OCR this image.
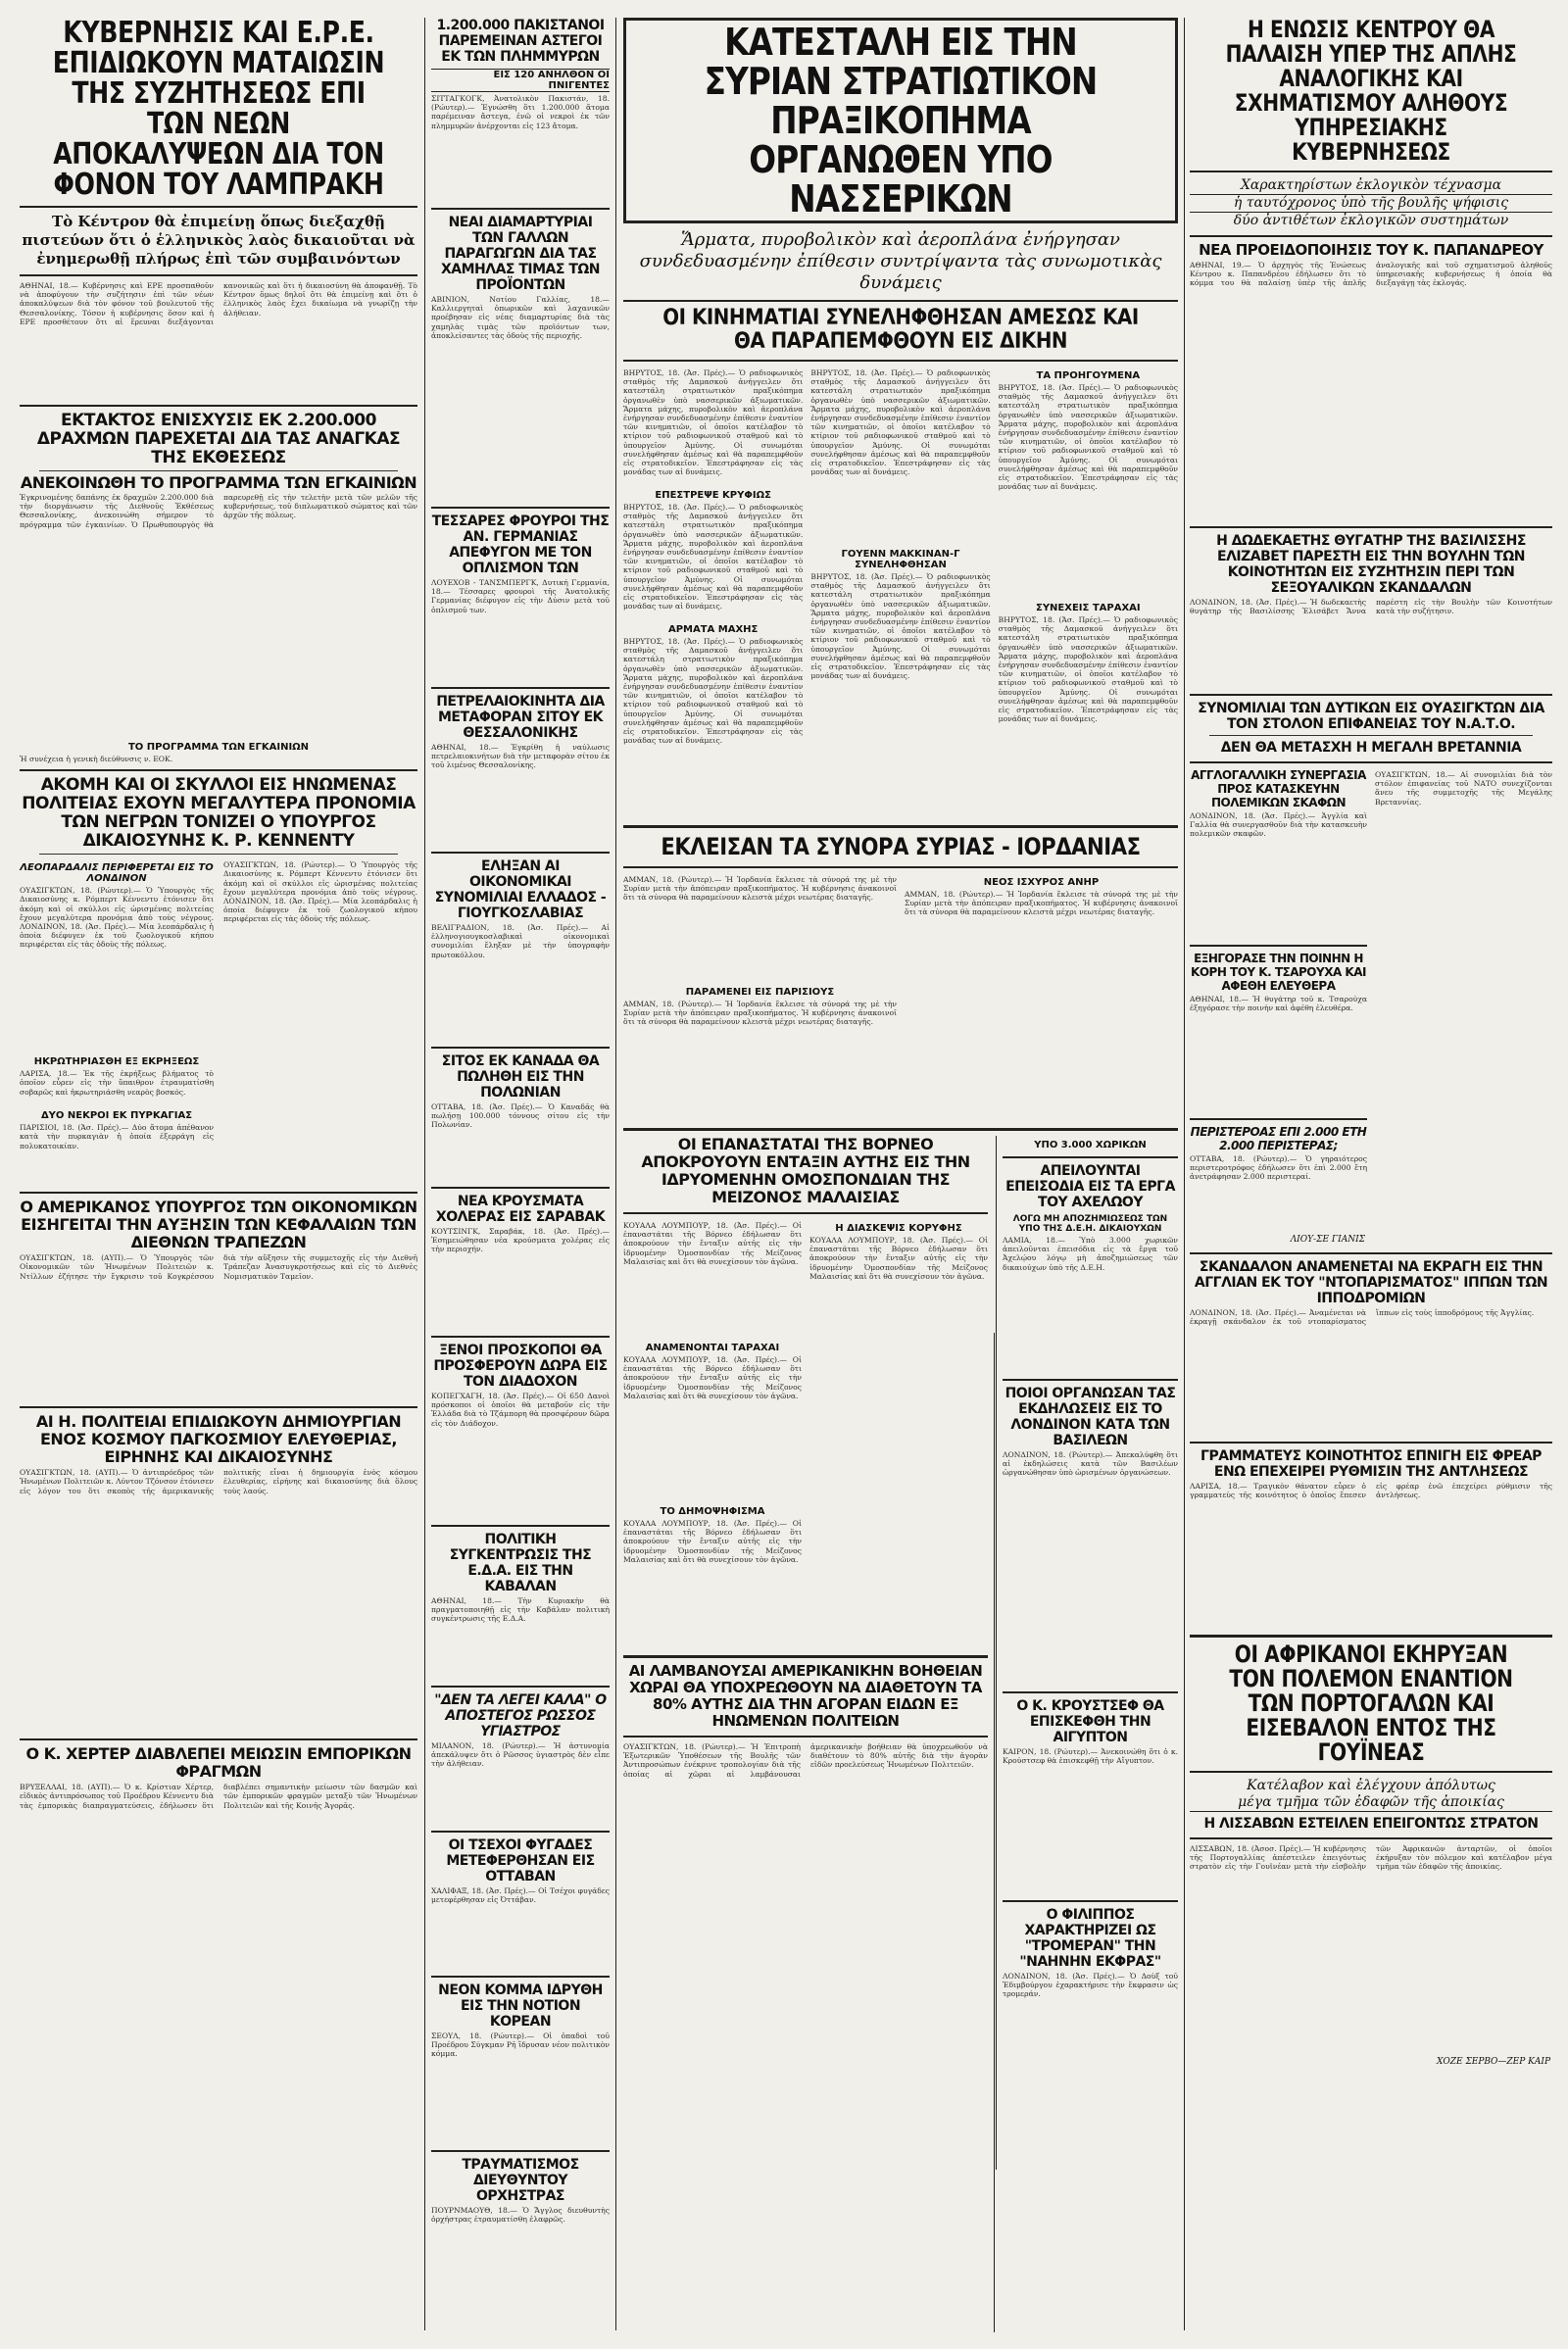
ΚΥΒΕΡΝΗΣΙΣ ΚΑΙ Ε.Ρ.Ε. ΕΠΙΔΙΩΚΟΥΝ ΜΑΤΑΙΩΣΙΝ ΤΗΣ ΣΥΖΗΤΗΣΕΩΣ ΕΠΙ ΤΩΝ ΝΕΩΝ ΑΠΟΚΑΛΥΨΕΩΝ ΔΙΑ ΤΟΝ ΦΟΝΟΝ ΤΟΥ ΛΑΜΠΡΑΚΗ
Τὸ Κέντρον θὰ ἐπιμείνῃ ὅπως διεξαχθῇ πιστεύων ὅτι ὁ ἑλληνικὸς λαὸς δικαιοῦται νὰ ἐνημερωθῇ πλήρως ἐπὶ τῶν συμβαινόντων
ΑΘΗΝΑΙ, 18.— Κυβέρνησις καὶ ΕΡΕ προσπαθοῦν νὰ ἀποφύγουν τὴν συζήτησιν ἐπὶ τῶν νέων ἀποκαλύψεων διὰ τὸν φόνον τοῦ βουλευτοῦ τῆς Θεσσαλονίκης. Τόσον ἡ κυβέρνησις ὅσον καὶ ἡ ΕΡΕ προσθέτουν ὅτι αἱ ἔρευναι διεξάγονται κανονικῶς καὶ ὅτι ἡ δικαιοσύνη θὰ ἀποφανθῇ. Τὸ Κέντρον ὅμως δηλοῖ ὅτι θὰ ἐπιμείνῃ καὶ ὅτι ὁ ἑλληνικὸς λαὸς ἔχει δικαίωμα νὰ γνωρίζῃ τὴν ἀλήθειαν.
ΕΚΤΑΚΤΟΣ ΕΝΙΣΧΥΣΙΣ ΕΚ 2.200.000 ΔΡΑΧΜΩΝ ΠΑΡΕΧΕΤΑΙ ΔΙΑ ΤΑΣ ΑΝΑΓΚΑΣ ΤΗΣ ΕΚΘΕΣΕΩΣ
ΑΝΕΚΟΙΝΩΘΗ ΤΟ ΠΡΟΓΡΑΜΜΑ ΤΩΝ ΕΓΚΑΙΝΙΩΝ
Ἐγκρινομένης δαπάνης ἐκ δραχμῶν 2.200.000 διὰ τὴν διοργάνωσιν τῆς Διεθνοῦς Ἐκθέσεως Θεσσαλονίκης, ἀνεκοινώθη σήμερον τὸ πρόγραμμα τῶν ἐγκαινίων. Ὁ Πρωθυπουργὸς θὰ παρευρεθῇ εἰς τὴν τελετὴν μετὰ τῶν μελῶν τῆς κυβερνήσεως, τοῦ διπλωματικοῦ σώματος καὶ τῶν ἀρχῶν τῆς πόλεως.
ΤΟ ΠΡΟΓΡΑΜΜΑ ΤΩΝ ΕΓΚΑΙΝΙΩΝ
Ἡ συνέχεια ἡ γενικὴ διεύθυνσις ν. ΕΟΚ.
ΑΚΟΜΗ ΚΑΙ ΟΙ ΣΚΥΛΛΟΙ ΕΙΣ ΗΝΩΜΕΝΑΣ ΠΟΛΙΤΕΙΑΣ ΕΧΟΥΝ ΜΕΓΑΛΥΤΕΡΑ ΠΡΟΝΟΜΙΑ ΤΩΝ ΝΕΓΡΩΝ ΤΟΝΙΖΕΙ Ο ΥΠΟΥΡΓΟΣ ΔΙΚΑΙΟΣΥΝΗΣ Κ. Ρ. ΚΕΝΝΕΝΤΥ
ΛΕΟΠΑΡΔΑΛΙΣ ΠΕΡΙΦΕΡΕΤΑΙ ΕΙΣ ΤΟ ΛΟΝΔΙΝΟΝ
ΟΥΑΣΙΓΚΤΩΝ, 18. (Ρώυτερ).— Ὁ Ὑπουργὸς τῆς Δικαιοσύνης κ. Ρόμπερτ Κέννεντυ ἐτόνισεν ὅτι ἀκόμη καὶ οἱ σκύλλοι εἰς ὡρισμένας πολιτείας ἔχουν μεγαλύτερα προνόμια ἀπὸ τοὺς νέγρους. ΛΟΝΔΙΝΟΝ, 18. (Ἀσ. Πρές).— Μία λεοπάρδαλις ἡ ὁποία διέφυγεν ἐκ τοῦ ζωολογικοῦ κήπου περιφέρεται εἰς τὰς ὁδοὺς τῆς πόλεως.
ΗΚΡΩΤΗΡΙΑΣΘΗ ΕΞ ΕΚΡΗΞΕΩΣ
ΛΑΡΙΣΑ, 18.— Ἐκ τῆς ἐκρήξεως βλήματος τὸ ὁποῖον εὗρεν εἰς τὴν ὕπαιθρον ἐτραυματίσθη σοβαρῶς καὶ ἠκρωτηριάσθη νεαρὸς βοσκός.
ΔΥΟ ΝΕΚΡΟΙ ΕΚ ΠΥΡΚΑΓΙΑΣ
ΠΑΡΙΣΙΟΙ, 18. (Ἀσ. Πρές).— Δύο ἄτομα ἀπέθανον κατὰ τὴν πυρκαγιὰν ἡ ὁποία ἐξερράγη εἰς πολυκατοικίαν.
ΟΥΑΣΙΓΚΤΩΝ, 18. (Ρώυτερ).— Ὁ Ὑπουργὸς τῆς Δικαιοσύνης κ. Ρόμπερτ Κέννεντυ ἐτόνισεν ὅτι ἀκόμη καὶ οἱ σκύλλοι εἰς ὡρισμένας πολιτείας ἔχουν μεγαλύτερα προνόμια ἀπὸ τοὺς νέγρους. ΛΟΝΔΙΝΟΝ, 18. (Ἀσ. Πρές).— Μία λεοπάρδαλις ἡ ὁποία διέφυγεν ἐκ τοῦ ζωολογικοῦ κήπου περιφέρεται εἰς τὰς ὁδοὺς τῆς πόλεως.
Ο ΑΜΕΡΙΚΑΝΟΣ ΥΠΟΥΡΓΟΣ ΤΩΝ ΟΙΚΟΝΟΜΙΚΩΝ ΕΙΣΗΓΕΙΤΑΙ ΤΗΝ ΑΥΞΗΣΙΝ ΤΩΝ ΚΕΦΑΛΑΙΩΝ ΤΩΝ ΔΙΕΘΝΩΝ ΤΡΑΠΕΖΩΝ
ΟΥΑΣΙΓΚΤΩΝ, 18. (ΑΥΠ).— Ὁ Ὑπουργὸς τῶν Οἰκονομικῶν τῶν Ἡνωμένων Πολιτειῶν κ. Ντίλλων ἐζήτησε τὴν ἔγκρισιν τοῦ Κογκρέσσου διὰ τὴν αὔξησιν τῆς συμμετοχῆς εἰς τὴν Διεθνῆ Τράπεζαν Ἀνασυγκροτήσεως καὶ εἰς τὸ Διεθνὲς Νομισματικὸν Ταμεῖον.
ΑΙ Η. ΠΟΛΙΤΕΙΑΙ ΕΠΙΔΙΩΚΟΥΝ ΔΗΜΙΟΥΡΓΙΑΝ ΕΝΟΣ ΚΟΣΜΟΥ ΠΑΓΚΟΣΜΙΟΥ ΕΛΕΥΘΕΡΙΑΣ, ΕΙΡΗΝΗΣ ΚΑΙ ΔΙΚΑΙΟΣΥΝΗΣ
ΟΥΑΣΙΓΚΤΩΝ, 18. (ΑΥΠ).— Ὁ ἀντιπρόεδρος τῶν Ἡνωμένων Πολιτειῶν κ. Λύντον Τζόνσον ἐτόνισεν εἰς λόγον του ὅτι σκοπὸς τῆς ἀμερικανικῆς πολιτικῆς εἶναι ἡ δημιουργία ἑνὸς κόσμου ἐλευθερίας, εἰρήνης καὶ δικαιοσύνης διὰ ὅλους τοὺς λαούς.
Ο Κ. ΧΕΡΤΕΡ ΔΙΑΒΛΕΠΕΙ ΜΕΙΩΣΙΝ ΕΜΠΟΡΙΚΩΝ ΦΡΑΓΜΩΝ
ΒΡΥΞΕΛΛΑΙ, 18. (ΑΥΠ).— Ὁ κ. Κρίστιαν Χέρτερ, εἰδικὸς ἀντιπρόσωπος τοῦ Προέδρου Κέννεντυ διὰ τὰς ἐμπορικὰς διαπραγματεύσεις, ἐδήλωσεν ὅτι διαβλέπει σημαντικὴν μείωσιν τῶν δασμῶν καὶ τῶν ἐμπορικῶν φραγμῶν μεταξὺ τῶν Ἡνωμένων Πολιτειῶν καὶ τῆς Κοινῆς Ἀγορᾶς.
1.200.000 ΠΑΚΙΣΤΑΝΟΙ ΠΑΡΕΜΕΙΝΑΝ ΑΣΤΕΓΟΙ ΕΚ ΤΩΝ ΠΛΗΜΜΥΡΩΝ
ΕΙΣ 120 ΑΝΗΛΘΟΝ ΟΙ ΠΝΙΓΕΝΤΕΣ
ΣΙΤΤΑΓΚΟΓΚ, Ἀνατολικὸν Πακιστάν, 18. (Ρώυτερ).— Ἐγνώσθη ὅτι 1.200.000 ἄτομα παρέμειναν ἄστεγα, ἐνῶ οἱ νεκροὶ ἐκ τῶν πλημμυρῶν ἀνέρχονται εἰς 123 ἄτομα.
ΝΕΑΙ ΔΙΑΜΑΡΤΥΡΙΑΙ ΤΩΝ ΓΑΛΛΩΝ ΠΑΡΑΓΩΓΩΝ ΔΙΑ ΤΑΣ ΧΑΜΗΛΑΣ ΤΙΜΑΣ ΤΩΝ ΠΡΟΪΟΝΤΩΝ
ΑΒΙΝΙΟΝ, Νοτίου Γαλλίας, 18.— Καλλιεργηταὶ ὀπωρικῶν καὶ λαχανικῶν προέβησαν εἰς νέας διαμαρτυρίας διὰ τὰς χαμηλὰς τιμὰς τῶν προϊόντων των, ἀποκλείσαντες τὰς ὁδοὺς τῆς περιοχῆς.
ΤΕΣΣΑΡΕΣ ΦΡΟΥΡΟΙ ΤΗΣ ΑΝ. ΓΕΡΜΑΝΙΑΣ ΑΠΕΦΥΓΟΝ ΜΕ ΤΟΝ ΟΠΛΙΣΜΟΝ ΤΩΝ
ΛΟΥΕΧΟΒ - ΤΑΝΣΜΠΕΡΓΚ, Δυτική Γερμανία, 18.— Τέσσαρες φρουροὶ τῆς Ἀνατολικῆς Γερμανίας διέφυγον εἰς τὴν Δύσιν μετὰ τοῦ ὁπλισμοῦ των.
ΠΕΤΡΕΛΑΙΟΚΙΝΗΤΑ ΔΙΑ ΜΕΤΑΦΟΡΑΝ ΣΙΤΟΥ ΕΚ ΘΕΣΣΑΛΟΝΙΚΗΣ
ΑΘΗΝΑΙ, 18.— Ἐγκρίθη ἡ ναύλωσις πετρελαιοκινήτων διὰ τὴν μεταφορὰν σίτου ἐκ τοῦ λιμένος Θεσσαλονίκης.
ΕΛΗΞΑΝ ΑΙ ΟΙΚΟΝΟΜΙΚΑΙ ΣΥΝΟΜΙΛΙΑΙ ΕΛΛΑΔΟΣ - ΓΙΟΥΓΚΟΣΛΑΒΙΑΣ
ΒΕΛΙΓΡΑΔΙΟΝ, 18. (Ἀσ. Πρές).— Αἱ ἑλληνογιουγκοσλαβικαὶ οἰκονομικαὶ συνομιλίαι ἔληξαν μὲ τὴν ὑπογραφὴν πρωτοκόλλου.
ΣΙΤΟΣ ΕΚ ΚΑΝΑΔΑ ΘΑ ΠΩΛΗΘΗ ΕΙΣ ΤΗΝ ΠΟΛΩΝΙΑΝ
ΟΤΤΑΒΑ, 18. (Ἀσ. Πρές).— Ὁ Καναδᾶς θὰ πωλήσῃ 100.000 τόννους σίτου εἰς τὴν Πολωνίαν.
ΝΕΑ ΚΡΟΥΣΜΑΤΑ ΧΟΛΕΡΑΣ ΕΙΣ ΣΑΡΑΒΑΚ
ΚΟΥΤΣΙΝΓΚ, Σαραβάκ, 18. (Ἀσ. Πρές).— Ἐσημειώθησαν νέα κρούσματα χολέρας εἰς τὴν περιοχήν.
ΞΕΝΟΙ ΠΡΟΣΚΟΠΟΙ ΘΑ ΠΡΟΣΦΕΡΟΥΝ ΔΩΡΑ ΕΙΣ ΤΟΝ ΔΙΑΔΟΧΟΝ
ΚΟΠΕΓΧΑΓΗ, 18. (Ἀσ. Πρές).— Οἱ 650 Δανοὶ πρόσκοποι οἱ ὁποῖοι θὰ μεταβοῦν εἰς τὴν Ἑλλάδα διὰ τὸ Τζάμπορη θὰ προσφέρουν δῶρα εἰς τὸν Διάδοχον.
ΠΟΛΙΤΙΚΗ ΣΥΓΚΕΝΤΡΩΣΙΣ ΤΗΣ Ε.Δ.Α. ΕΙΣ ΤΗΝ ΚΑΒΑΛΑΝ
ΑΘΗΝΑΙ, 18.— Τὴν Κυριακὴν θὰ πραγματοποιηθῇ εἰς τὴν Καβάλαν πολιτικὴ συγκέντρωσις τῆς Ε.Δ.Α.
"ΔΕΝ ΤΑ ΛΕΓΕΙ ΚΑΛΑ" Ο ΑΠΟΣΤΕΓΟΣ ΡΩΣΣΟΣ ΥΓΙΑΣΤΡΟΣ
ΜΙΛΑΝΟΝ, 18. (Ρώυτερ).— Ἡ ἀστυνομία ἀπεκάλυψεν ὅτι ὁ Ρῶσσος ὑγιαστρὸς δὲν εἶπε τὴν ἀλήθειαν.
ΟΙ ΤΣΕΧΟΙ ΦΥΓΑΔΕΣ ΜΕΤΕΦΕΡΘΗΣΑΝ ΕΙΣ ΟΤΤΑΒΑΝ
ΧΑΛΙΦΑΞ, 18. (Ἀσ. Πρές).— Οἱ Τσέχοι φυγάδες μετεφέρθησαν εἰς Ὀττάβαν.
ΝΕΟΝ ΚΟΜΜΑ ΙΔΡΥΘΗ ΕΙΣ ΤΗΝ ΝΟΤΙΟΝ ΚΟΡΕΑΝ
ΣΕΟΥΛ, 18. (Ρώυτερ).— Οἱ ὀπαδοὶ τοῦ Προέδρου Σύγκμαν Ρῆ ἵδρυσαν νέον πολιτικὸν κόμμα.
ΤΡΑΥΜΑΤΙΣΜΟΣ ΔΙΕΥΘΥΝΤΟΥ ΟΡΧΗΣΤΡΑΣ
ΠΟΥΡΝΜΑΟΥΘ, 18.— Ὁ Ἄγγλος διευθυντὴς ὀρχήστρας ἐτραυματίσθη ἐλαφρῶς.
ΚΑΤΕΣΤΑΛΗ ΕΙΣ ΤΗΝ ΣΥΡΙΑΝ ΣΤΡΑΤΙΩΤΙΚΟΝ ΠΡΑΞΙΚΟΠΗΜΑ ΟΡΓΑΝΩΘΕΝ ΥΠΟ ΝΑΣΣΕΡΙΚΩΝ
Ἅρματα, πυροβολικὸν καὶ ἀεροπλάνα ἐνήργησαν συνδεδυασμένην ἐπίθεσιν συντρίψαντα τὰς συνωμοτικὰς δυνάμεις
ΟΙ ΚΙΝΗΜΑΤΙΑΙ ΣΥΝΕΛΗΦΘΗΣΑΝ ΑΜΕΣΩΣ ΚΑΙ ΘΑ ΠΑΡΑΠΕΜΦΘΟΥΝ ΕΙΣ ΔΙΚΗΝ
ΒΗΡΥΤΟΣ, 18. (Ἀσ. Πρές).— Ὁ ραδιοφωνικὸς σταθμὸς τῆς Δαμασκοῦ ἀνήγγειλεν ὅτι κατεστάλη στρατιωτικὸν πραξικόπημα ὀργανωθὲν ὑπὸ νασσερικῶν ἀξιωματικῶν. Ἅρματα μάχης, πυροβολικὸν καὶ ἀεροπλάνα ἐνήργησαν συνδεδυασμένην ἐπίθεσιν ἐναντίον τῶν κινηματιῶν, οἱ ὁποῖοι κατέλαβον τὸ κτίριον τοῦ ραδιοφωνικοῦ σταθμοῦ καὶ τὸ ὑπουργεῖον Ἀμύνης. Οἱ συνωμόται συνελήφθησαν ἀμέσως καὶ θὰ παραπεμφθοῦν εἰς στρατοδικεῖον. Ἐπεστράφησαν εἰς τὰς μονάδας των αἱ δυνάμεις.
ΕΠΕΣΤΡΕΨΕ ΚΡΥΦΙΩΣ
ΒΗΡΥΤΟΣ, 18. (Ἀσ. Πρές).— Ὁ ραδιοφωνικὸς σταθμὸς τῆς Δαμασκοῦ ἀνήγγειλεν ὅτι κατεστάλη στρατιωτικὸν πραξικόπημα ὀργανωθὲν ὑπὸ νασσερικῶν ἀξιωματικῶν. Ἅρματα μάχης, πυροβολικὸν καὶ ἀεροπλάνα ἐνήργησαν συνδεδυασμένην ἐπίθεσιν ἐναντίον τῶν κινηματιῶν, οἱ ὁποῖοι κατέλαβον τὸ κτίριον τοῦ ραδιοφωνικοῦ σταθμοῦ καὶ τὸ ὑπουργεῖον Ἀμύνης. Οἱ συνωμόται συνελήφθησαν ἀμέσως καὶ θὰ παραπεμφθοῦν εἰς στρατοδικεῖον. Ἐπεστράφησαν εἰς τὰς μονάδας των αἱ δυνάμεις.
ΑΡΜΑΤΑ ΜΑΧΗΣ
ΒΗΡΥΤΟΣ, 18. (Ἀσ. Πρές).— Ὁ ραδιοφωνικὸς σταθμὸς τῆς Δαμασκοῦ ἀνήγγειλεν ὅτι κατεστάλη στρατιωτικὸν πραξικόπημα ὀργανωθὲν ὑπὸ νασσερικῶν ἀξιωματικῶν. Ἅρματα μάχης, πυροβολικὸν καὶ ἀεροπλάνα ἐνήργησαν συνδεδυασμένην ἐπίθεσιν ἐναντίον τῶν κινηματιῶν, οἱ ὁποῖοι κατέλαβον τὸ κτίριον τοῦ ραδιοφωνικοῦ σταθμοῦ καὶ τὸ ὑπουργεῖον Ἀμύνης. Οἱ συνωμόται συνελήφθησαν ἀμέσως καὶ θὰ παραπεμφθοῦν εἰς στρατοδικεῖον. Ἐπεστράφησαν εἰς τὰς μονάδας των αἱ δυνάμεις.
ΒΗΡΥΤΟΣ, 18. (Ἀσ. Πρές).— Ὁ ραδιοφωνικὸς σταθμὸς τῆς Δαμασκοῦ ἀνήγγειλεν ὅτι κατεστάλη στρατιωτικὸν πραξικόπημα ὀργανωθὲν ὑπὸ νασσερικῶν ἀξιωματικῶν. Ἅρματα μάχης, πυροβολικὸν καὶ ἀεροπλάνα ἐνήργησαν συνδεδυασμένην ἐπίθεσιν ἐναντίον τῶν κινηματιῶν, οἱ ὁποῖοι κατέλαβον τὸ κτίριον τοῦ ραδιοφωνικοῦ σταθμοῦ καὶ τὸ ὑπουργεῖον Ἀμύνης. Οἱ συνωμόται συνελήφθησαν ἀμέσως καὶ θὰ παραπεμφθοῦν εἰς στρατοδικεῖον. Ἐπεστράφησαν εἰς τὰς μονάδας των αἱ δυνάμεις.
ΓΟΥΕΝΝ ΜΑΚΚΙΝΑΝ-Γ ΣΥΝΕΛΗΦΘΗΣΑΝ
ΒΗΡΥΤΟΣ, 18. (Ἀσ. Πρές).— Ὁ ραδιοφωνικὸς σταθμὸς τῆς Δαμασκοῦ ἀνήγγειλεν ὅτι κατεστάλη στρατιωτικὸν πραξικόπημα ὀργανωθὲν ὑπὸ νασσερικῶν ἀξιωματικῶν. Ἅρματα μάχης, πυροβολικὸν καὶ ἀεροπλάνα ἐνήργησαν συνδεδυασμένην ἐπίθεσιν ἐναντίον τῶν κινηματιῶν, οἱ ὁποῖοι κατέλαβον τὸ κτίριον τοῦ ραδιοφωνικοῦ σταθμοῦ καὶ τὸ ὑπουργεῖον Ἀμύνης. Οἱ συνωμόται συνελήφθησαν ἀμέσως καὶ θὰ παραπεμφθοῦν εἰς στρατοδικεῖον. Ἐπεστράφησαν εἰς τὰς μονάδας των αἱ δυνάμεις.
ΤΑ ΠΡΟΗΓΟΥΜΕΝΑ
ΒΗΡΥΤΟΣ, 18. (Ἀσ. Πρές).— Ὁ ραδιοφωνικὸς σταθμὸς τῆς Δαμασκοῦ ἀνήγγειλεν ὅτι κατεστάλη στρατιωτικὸν πραξικόπημα ὀργανωθὲν ὑπὸ νασσερικῶν ἀξιωματικῶν. Ἅρματα μάχης, πυροβολικὸν καὶ ἀεροπλάνα ἐνήργησαν συνδεδυασμένην ἐπίθεσιν ἐναντίον τῶν κινηματιῶν, οἱ ὁποῖοι κατέλαβον τὸ κτίριον τοῦ ραδιοφωνικοῦ σταθμοῦ καὶ τὸ ὑπουργεῖον Ἀμύνης. Οἱ συνωμόται συνελήφθησαν ἀμέσως καὶ θὰ παραπεμφθοῦν εἰς στρατοδικεῖον. Ἐπεστράφησαν εἰς τὰς μονάδας των αἱ δυνάμεις.
ΣΥΝΕΧΕΙΣ ΤΑΡΑΧΑΙ
ΒΗΡΥΤΟΣ, 18. (Ἀσ. Πρές).— Ὁ ραδιοφωνικὸς σταθμὸς τῆς Δαμασκοῦ ἀνήγγειλεν ὅτι κατεστάλη στρατιωτικὸν πραξικόπημα ὀργανωθὲν ὑπὸ νασσερικῶν ἀξιωματικῶν. Ἅρματα μάχης, πυροβολικὸν καὶ ἀεροπλάνα ἐνήργησαν συνδεδυασμένην ἐπίθεσιν ἐναντίον τῶν κινηματιῶν, οἱ ὁποῖοι κατέλαβον τὸ κτίριον τοῦ ραδιοφωνικοῦ σταθμοῦ καὶ τὸ ὑπουργεῖον Ἀμύνης. Οἱ συνωμόται συνελήφθησαν ἀμέσως καὶ θὰ παραπεμφθοῦν εἰς στρατοδικεῖον. Ἐπεστράφησαν εἰς τὰς μονάδας των αἱ δυνάμεις.
ΕΚΛΕΙΣΑΝ ΤΑ ΣΥΝΟΡΑ ΣΥΡΙΑΣ - ΙΟΡΔΑΝΙΑΣ
ΑΜΜΑΝ, 18. (Ρώυτερ).— Ἡ Ἰορδανία ἔκλεισε τὰ σύνορά της μὲ τὴν Συρίαν μετὰ τὴν ἀπόπειραν πραξικοπήματος. Ἡ κυβέρνησις ἀνακοινοῖ ὅτι τὰ σύνορα θὰ παραμείνουν κλειστὰ μέχρι νεωτέρας διαταγῆς.
ΠΑΡΑΜΕΝΕΙ ΕΙΣ ΠΑΡΙΣΙΟΥΣ
ΑΜΜΑΝ, 18. (Ρώυτερ).— Ἡ Ἰορδανία ἔκλεισε τὰ σύνορά της μὲ τὴν Συρίαν μετὰ τὴν ἀπόπειραν πραξικοπήματος. Ἡ κυβέρνησις ἀνακοινοῖ ὅτι τὰ σύνορα θὰ παραμείνουν κλειστὰ μέχρι νεωτέρας διαταγῆς.
ΝΕΟΣ ΙΣΧΥΡΟΣ ΑΝΗΡ
ΑΜΜΑΝ, 18. (Ρώυτερ).— Ἡ Ἰορδανία ἔκλεισε τὰ σύνορά της μὲ τὴν Συρίαν μετὰ τὴν ἀπόπειραν πραξικοπήματος. Ἡ κυβέρνησις ἀνακοινοῖ ὅτι τὰ σύνορα θὰ παραμείνουν κλειστὰ μέχρι νεωτέρας διαταγῆς.
ΟΙ ΕΠΑΝΑΣΤΑΤΑΙ ΤΗΣ ΒΟΡΝΕΟ ΑΠΟΚΡΟΥΟΥΝ ΕΝΤΑΞΙΝ ΑΥΤΗΣ ΕΙΣ ΤΗΝ ΙΔΡΥΟΜΕΝΗΝ ΟΜΟΣΠΟΝΔΙΑΝ ΤΗΣ ΜΕΙΖΟΝΟΣ ΜΑΛΑΙΣΙΑΣ
ΚΟΥΑΛΑ ΛΟΥΜΠΟΥΡ, 18. (Ἀσ. Πρές).— Οἱ ἐπαναστάται τῆς Βόρνεο ἐδήλωσαν ὅτι ἀποκρούουν τὴν ἔνταξιν αὐτῆς εἰς τὴν ἱδρυομένην Ὁμοσπονδίαν τῆς Μείζονος Μαλαισίας καὶ ὅτι θὰ συνεχίσουν τὸν ἀγῶνα.
ΑΝΑΜΕΝΟΝΤΑΙ ΤΑΡΑΧΑΙ
ΚΟΥΑΛΑ ΛΟΥΜΠΟΥΡ, 18. (Ἀσ. Πρές).— Οἱ ἐπαναστάται τῆς Βόρνεο ἐδήλωσαν ὅτι ἀποκρούουν τὴν ἔνταξιν αὐτῆς εἰς τὴν ἱδρυομένην Ὁμοσπονδίαν τῆς Μείζονος Μαλαισίας καὶ ὅτι θὰ συνεχίσουν τὸν ἀγῶνα.
ΤΟ ΔΗΜΟΨΗΦΙΣΜΑ
ΚΟΥΑΛΑ ΛΟΥΜΠΟΥΡ, 18. (Ἀσ. Πρές).— Οἱ ἐπαναστάται τῆς Βόρνεο ἐδήλωσαν ὅτι ἀποκρούουν τὴν ἔνταξιν αὐτῆς εἰς τὴν ἱδρυομένην Ὁμοσπονδίαν τῆς Μείζονος Μαλαισίας καὶ ὅτι θὰ συνεχίσουν τὸν ἀγῶνα.
Η ΔΙΑΣΚΕΨΙΣ ΚΟΡΥΦΗΣ
ΚΟΥΑΛΑ ΛΟΥΜΠΟΥΡ, 18. (Ἀσ. Πρές).— Οἱ ἐπαναστάται τῆς Βόρνεο ἐδήλωσαν ὅτι ἀποκρούουν τὴν ἔνταξιν αὐτῆς εἰς τὴν ἱδρυομένην Ὁμοσπονδίαν τῆς Μείζονος Μαλαισίας καὶ ὅτι θὰ συνεχίσουν τὸν ἀγῶνα.
ΑΙ ΛΑΜΒΑΝΟΥΣΑΙ ΑΜΕΡΙΚΑΝΙΚΗΝ ΒΟΗΘΕΙΑΝ ΧΩΡΑΙ ΘΑ ΥΠΟΧΡΕΩΘΟΥΝ ΝΑ ΔΙΑΘΕΤΟΥΝ ΤΑ 80% ΑΥΤΗΣ ΔΙΑ ΤΗΝ ΑΓΟΡΑΝ ΕΙΔΩΝ ΕΞ ΗΝΩΜΕΝΩΝ ΠΟΛΙΤΕΙΩΝ
ΟΥΑΣΙΓΚΤΩΝ, 18. (Ρώυτερ).— Ἡ Ἐπιτροπὴ Ἐξωτερικῶν Ὑποθέσεων τῆς Βουλῆς τῶν Ἀντιπροσώπων ἐνέκρινε τροπολογίαν διὰ τῆς ὁποίας αἱ χῶραι αἱ λαμβάνουσαι ἀμερικανικὴν βοήθειαν θὰ ὑποχρεωθοῦν νὰ διαθέτουν τὸ 80% αὐτῆς διὰ τὴν ἀγορὰν εἰδῶν προελεύσεως Ἡνωμένων Πολιτειῶν.
ΥΠΟ 3.000 ΧΩΡΙΚΩΝ
ΑΠΕΙΛΟΥΝΤΑΙ ΕΠΕΙΣΟΔΙΑ ΕΙΣ ΤΑ ΕΡΓΑ ΤΟΥ ΑΧΕΛΩΟΥ
ΛΟΓΩ ΜΗ ΑΠΟΖΗΜΙΩΣΕΩΣ ΤΩΝ ΥΠΟ ΤΗΣ Δ.Ε.Η. ΔΙΚΑΙΟΥΧΩΝ
ΛΑΜΙΑ, 18.— Ὑπὸ 3.000 χωρικῶν ἀπειλοῦνται ἐπεισόδια εἰς τὰ ἔργα τοῦ Ἀχελῴου λόγῳ μὴ ἀποζημιώσεως τῶν δικαιούχων ὑπὸ τῆς Δ.Ε.Η.
ΠΟΙΟΙ ΟΡΓΑΝΩΣΑΝ ΤΑΣ ΕΚΔΗΛΩΣΕΙΣ ΕΙΣ ΤΟ ΛΟΝΔΙΝΟΝ ΚΑΤΑ ΤΩΝ ΒΑΣΙΛΕΩΝ
ΛΟΝΔΙΝΟΝ, 18. (Ρώυτερ).— Ἀπεκαλύφθη ὅτι αἱ ἐκδηλώσεις κατὰ τῶν Βασιλέων ὠργανώθησαν ὑπὸ ὡρισμένων ὀργανώσεων.
Ο Κ. ΚΡΟΥΣΤΣΕΦ ΘΑ ΕΠΙΣΚΕΦΘΗ ΤΗΝ ΑΙΓΥΠΤΟΝ
ΚΑΙΡΟΝ, 18. (Ρώυτερ).— Ἀνεκοινώθη ὅτι ὁ κ. Κρούστσεφ θὰ ἐπισκεφθῇ τὴν Αἴγυπτον.
Ο ΦΙΛΙΠΠΟΣ ΧΑΡΑΚΤΗΡΙΖΕΙ ΩΣ "ΤΡΟΜΕΡΑΝ" ΤΗΝ "ΝΑΗΝΗΝ ΕΚΦΡΑΣ"
ΛΟΝΔΙΝΟΝ, 18. (Ἀσ. Πρές).— Ὁ Δοὺξ τοῦ Ἐδιμβούργου ἐχαρακτήρισε τὴν ἔκφρασιν ὡς τρομεράν.
Η ΕΝΩΣΙΣ ΚΕΝΤΡΟΥ ΘΑ ΠΑΛΑΙΣΗ ΥΠΕΡ ΤΗΣ ΑΠΛΗΣ ΑΝΑΛΟΓΙΚΗΣ ΚΑΙ ΣΧΗΜΑΤΙΣΜΟΥ ΑΛΗΘΟΥΣ ΥΠΗΡΕΣΙΑΚΗΣ ΚΥΒΕΡΝΗΣΕΩΣ
Χαρακτηρίστων ἐκλογικὸν τέχνασμα
ἡ ταυτόχρονος ὑπὸ τῆς βουλῆς ψήφισις
δύο ἀντιθέτων ἐκλογικῶν συστημάτων
ΝΕΑ ΠΡΟΕΙΔΟΠΟΙΗΣΙΣ ΤΟΥ Κ. ΠΑΠΑΝΔΡΕΟΥ
ΑΘΗΝΑΙ, 19.— Ὁ ἀρχηγὸς τῆς Ἑνώσεως Κέντρου κ. Παπανδρέου ἐδήλωσεν ὅτι τὸ κόμμα του θὰ παλαίσῃ ὑπὲρ τῆς ἁπλῆς ἀναλογικῆς καὶ τοῦ σχηματισμοῦ ἀληθοῦς ὑπηρεσιακῆς κυβερνήσεως ἡ ὁποία θὰ διεξαγάγῃ τὰς ἐκλογάς.
Η ΔΩΔΕΚΑΕΤΗΣ ΘΥΓΑΤΗΡ ΤΗΣ ΒΑΣΙΛΙΣΣΗΣ ΕΛΙΖΑΒΕΤ ΠΑΡΕΣΤΗ ΕΙΣ ΤΗΝ ΒΟΥΛΗΝ ΤΩΝ ΚΟΙΝΟΤΗΤΩΝ ΕΙΣ ΣΥΖΗΤΗΣΙΝ ΠΕΡΙ ΤΩΝ ΣΕΞΟΥΑΛΙΚΩΝ ΣΚΑΝΔΑΛΩΝ
ΛΟΝΔΙΝΟΝ, 18. (Ἀσ. Πρές).— Ἡ δωδεκαετὴς θυγάτηρ τῆς Βασιλίσσης Ἐλισάβετ Ἄννα παρέστη εἰς τὴν Βουλὴν τῶν Κοινοτήτων κατὰ τὴν συζήτησιν.
ΣΥΝΟΜΙΛΙΑΙ ΤΩΝ ΔΥΤΙΚΩΝ ΕΙΣ ΟΥΑΣΙΓΚΤΩΝ ΔΙΑ ΤΟΝ ΣΤΟΛΟΝ ΕΠΙΦΑΝΕΙΑΣ ΤΟΥ Ν.Α.Τ.Ο.
ΔΕΝ ΘΑ ΜΕΤΑΣΧΗ Η ΜΕΓΑΛΗ ΒΡΕΤΑΝΝΙΑ
ΑΓΓΛΟΓΑΛΛΙΚΗ ΣΥΝΕΡΓΑΣΙΑ ΠΡΟΣ ΚΑΤΑΣΚΕΥΗΝ ΠΟΛΕΜΙΚΩΝ ΣΚΑΦΩΝ
ΛΟΝΔΙΝΟΝ, 18. (Ἀσ. Πρές).— Ἀγγλία καὶ Γαλλία θὰ συνεργασθοῦν διὰ τὴν κατασκευὴν πολεμικῶν σκαφῶν.
ΕΞΗΓΟΡΑΣΕ ΤΗΝ ΠΟΙΝΗΝ Η ΚΟΡΗ ΤΟΥ Κ. ΤΣΑΡΟΥΧΑ ΚΑΙ ΑΦΕΘΗ ΕΛΕΥΘΕΡΑ
ΑΘΗΝΑΙ, 18.— Ἡ θυγάτηρ τοῦ κ. Τσαρούχα ἐξηγόρασε τὴν ποινὴν καὶ ἀφέθη ἐλευθέρα.
ΠΕΡΙΣΤΕΡΟΑΣ ΕΠΙ 2.000 ΕΤΗ 2.000 ΠΕΡΙΣΤΕΡΑΣ;
ΟΤΤΑΒΑ, 18. (Ρώυτερ).— Ὁ γηραιότερος περιστεροτρόφος ἐδήλωσεν ὅτι ἐπὶ 2.000 ἔτη ἀνετράφησαν 2.000 περιστεραί.
ΛΙΟΥ-ΣΕ ΓΙΑΝΙΣ
ΟΥΑΣΙΓΚΤΩΝ, 18.— Αἱ συνομιλίαι διὰ τὸν στόλον ἐπιφανείας τοῦ ΝΑΤΟ συνεχίζονται ἄνευ τῆς συμμετοχῆς τῆς Μεγάλης Βρεταννίας.
ΣΚΑΝΔΑΛΟΝ ΑΝΑΜΕΝΕΤΑΙ ΝΑ ΕΚΡΑΓΗ ΕΙΣ ΤΗΝ ΑΓΓΛΙΑΝ ΕΚ ΤΟΥ "ΝΤΟΠΑΡΙΣΜΑΤΟΣ" ΙΠΠΩΝ ΤΩΝ ΙΠΠΟΔΡΟΜΙΩΝ
ΛΟΝΔΙΝΟΝ, 18. (Ἀσ. Πρές).— Ἀναμένεται νὰ ἐκραγῇ σκάνδαλον ἐκ τοῦ ντοπαρίσματος ἵππων εἰς τοὺς ἱπποδρόμους τῆς Ἀγγλίας.
ΓΡΑΜΜΑΤΕΥΣ ΚΟΙΝΟΤΗΤΟΣ ΕΠΝΙΓΗ ΕΙΣ ΦΡΕΑΡ ΕΝΩ ΕΠΕΧΕΙΡΕΙ ΡΥΘΜΙΣΙΝ ΤΗΣ ΑΝΤΛΗΣΕΩΣ
ΛΑΡΙΣΑ, 18.— Τραγικὸν θάνατον εὗρεν ὁ γραμματεὺς τῆς κοινότητος ὁ ὁποῖος ἔπεσεν εἰς φρέαρ ἐνῶ ἐπεχείρει ρύθμισιν τῆς ἀντλήσεως.
ΟΙ ΑΦΡΙΚΑΝΟΙ ΕΚΗΡΥΞΑΝ ΤΟΝ ΠΟΛΕΜΟΝ ΕΝΑΝΤΙΟΝ ΤΩΝ ΠΟΡΤΟΓΑΛΩΝ ΚΑΙ ΕΙΣΕΒΑΛΟΝ ΕΝΤΟΣ ΤΗΣ ΓΟΥΪΝΕΑΣ
Κατέλαβον καὶ ἐλέγχουν ἀπόλυτως
μέγα τμῆμα τῶν ἐδαφῶν τῆς ἀποικίας
Η ΛΙΣΣΑΒΩΝ ΕΣΤΕΙΛΕΝ ΕΠΕΙΓΟΝΤΩΣ ΣΤΡΑΤΟΝ
ΛΙΣΣΑΒΩΝ, 18. (Ἀσοσ. Πρές).— Ἡ κυβέρνησις τῆς Πορτογαλλίας ἀπέστειλεν ἐπειγόντως στρατὸν εἰς τὴν Γουϊνέαν μετὰ τὴν εἰσβολὴν τῶν Ἀφρικανῶν ἀνταρτῶν, οἱ ὁποῖοι ἐκήρυξαν τὸν πόλεμον καὶ κατέλαβον μέγα τμῆμα τῶν ἐδαφῶν τῆς ἀποικίας.
ΧΟΖΕ ΣΕΡΒΟ—ΖΕΡ ΚΑΙΡ
